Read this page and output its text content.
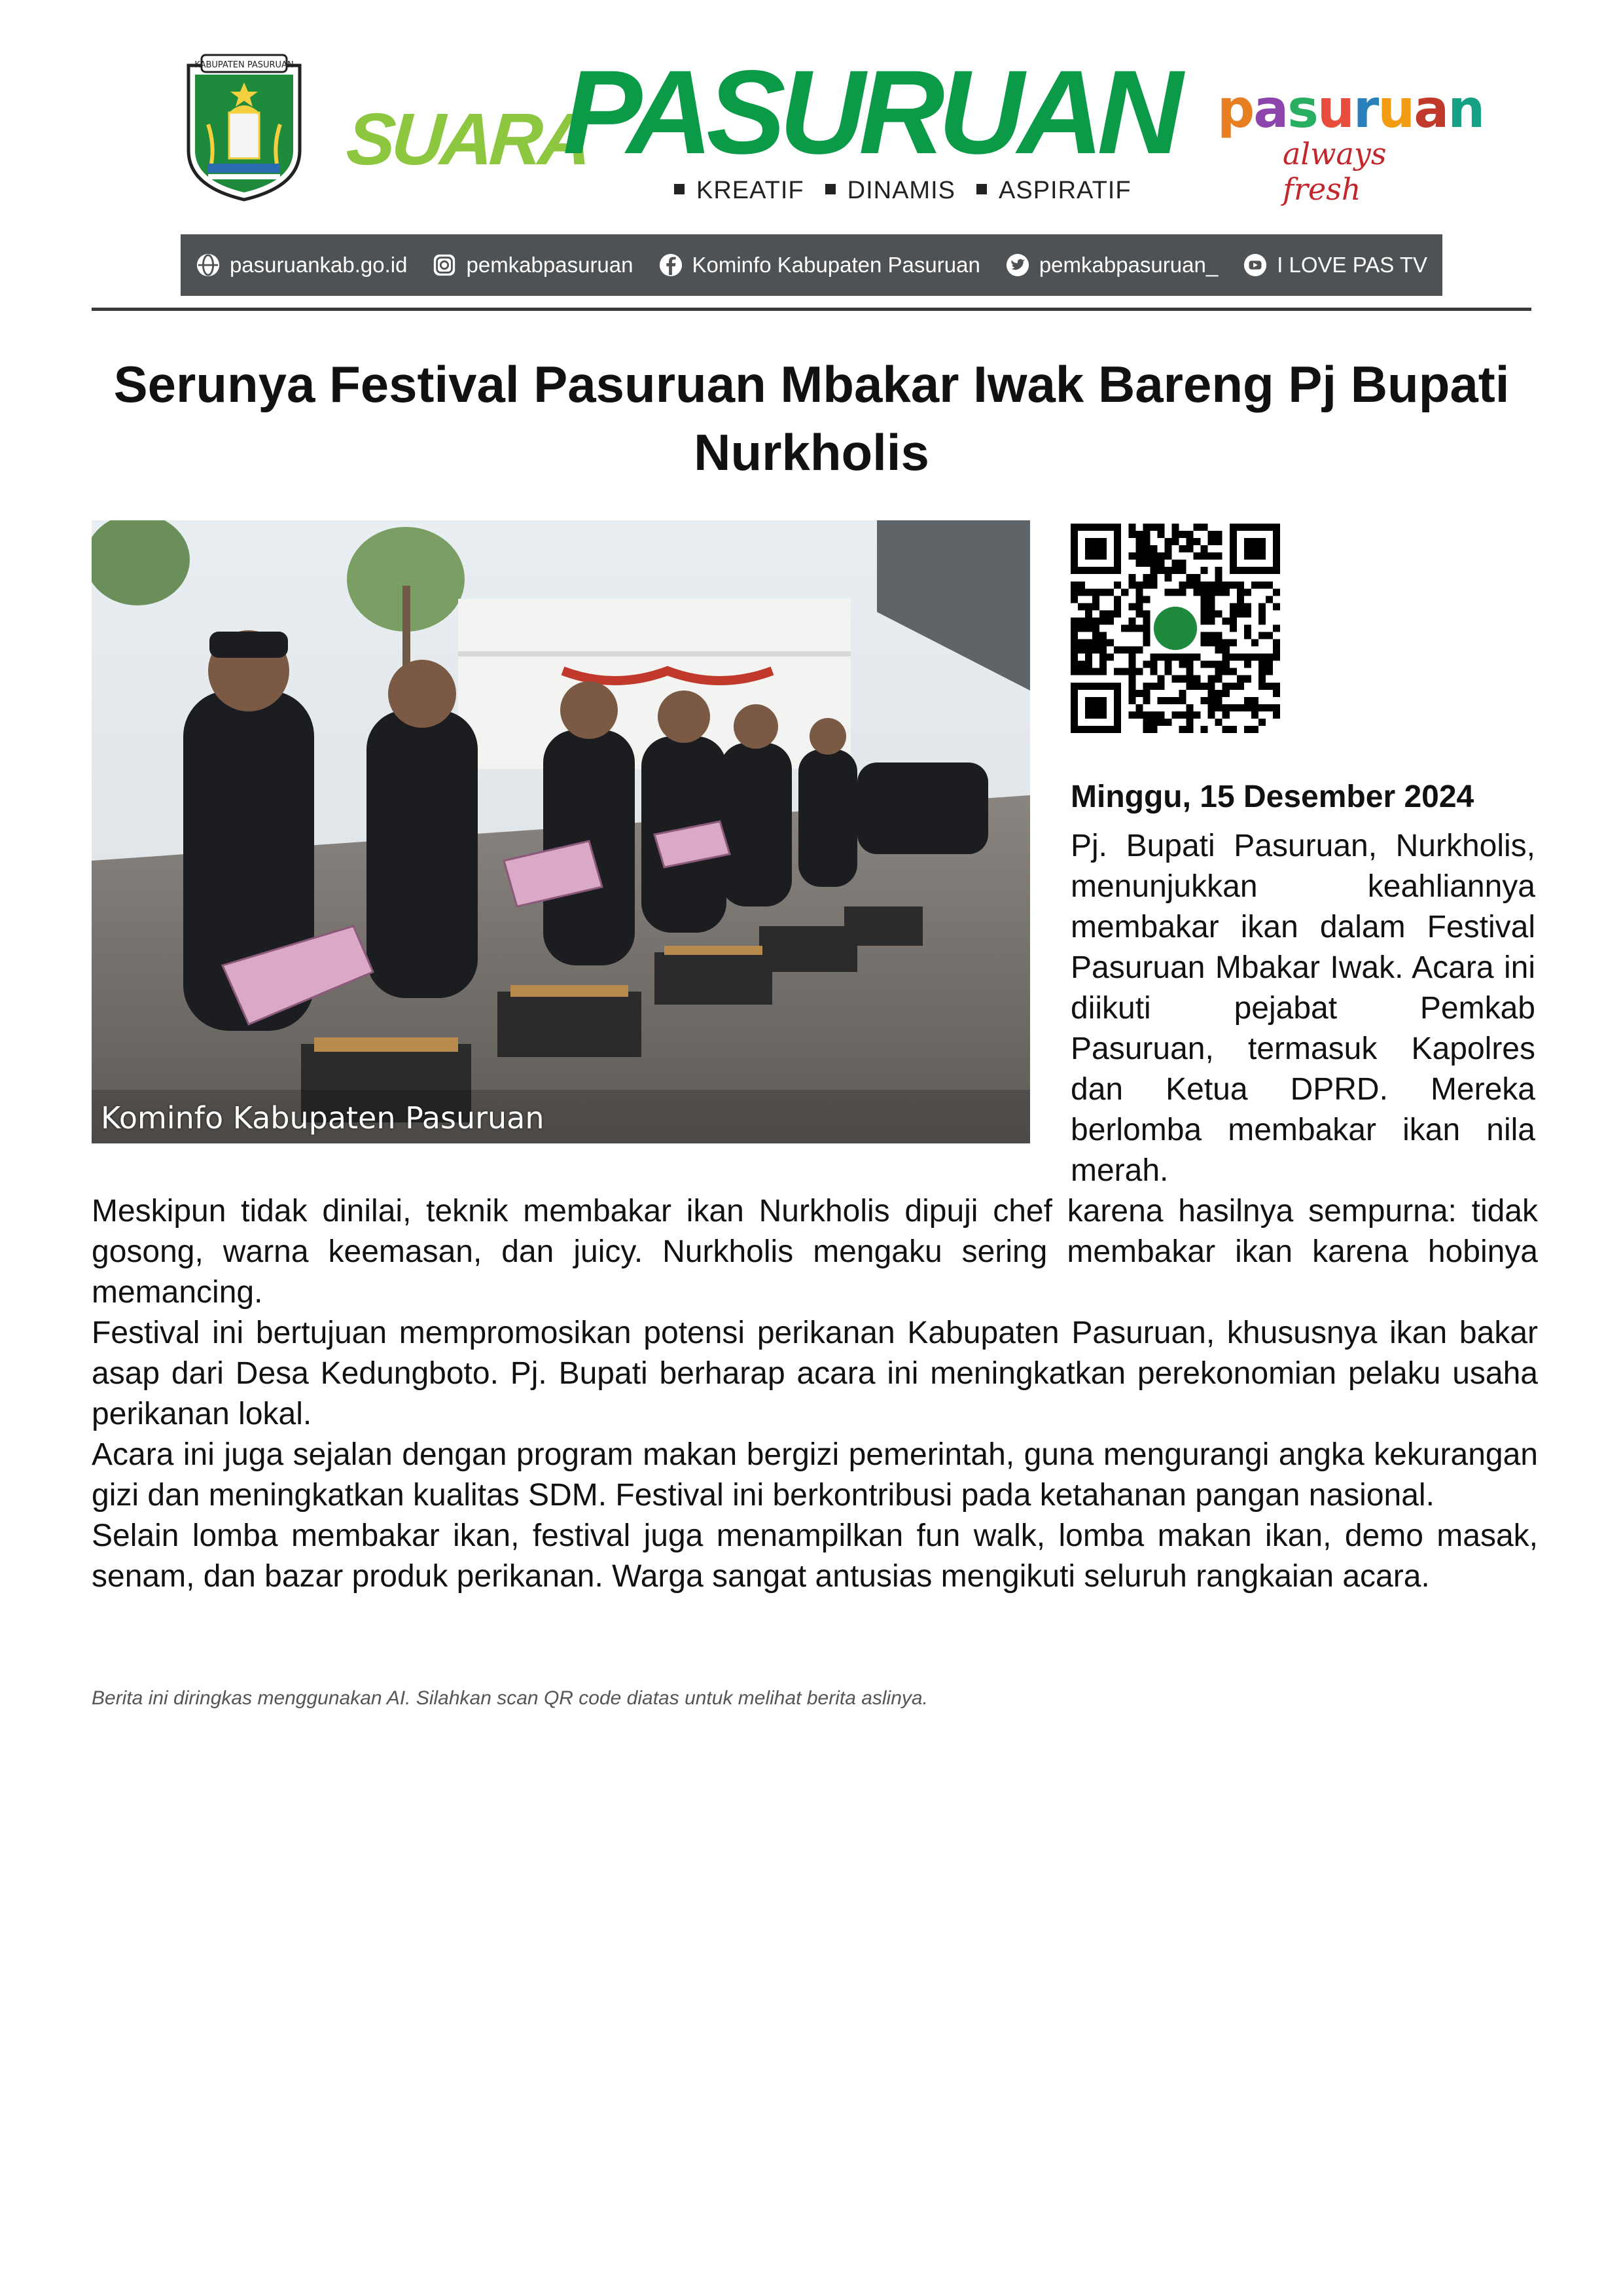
KABUPATEN PASURUAN
SUARA
PASURUAN
KREATIF	DINAMIS	ASPIRATIF
pasuruan
always fresh
pasuruankab.go.id	pemkabpasuruan	Kominfo Kabupaten Pasuruan	pemkabpasuruan_	I LOVE PAS TV
Serunya Festival Pasuruan Mbakar Iwak Bareng Pj Bupati Nurkholis
Kominfo Kabupaten Pasuruan
Minggu, 15 Desember 2024
Pj. Bupati Pasuruan, Nurkholis, menunjukkan keahliannya membakar ikan dalam Festival Pasuruan Mbakar Iwak. Acara ini diikuti pejabat Pemkab Pasuruan, termasuk Kapolres dan Ketua DPRD. Mereka berlomba membakar ikan nila merah.

Meskipun tidak dinilai, teknik membakar ikan Nurkholis dipuji chef karena hasilnya sempurna: tidak gosong, warna keemasan, dan juicy. Nurkholis mengaku sering membakar ikan karena hobinya memancing.

Festival ini bertujuan mempromosikan potensi perikanan Kabupaten Pasuruan, khususnya ikan bakar asap dari Desa Kedungboto. Pj. Bupati berharap acara ini meningkatkan perekonomian pelaku usaha perikanan lokal.

Acara ini juga sejalan dengan program makan bergizi pemerintah, guna mengurangi angka kekurangan gizi dan meningkatkan kualitas SDM. Festival ini berkontribusi pada ketahanan pangan nasional.

Selain lomba membakar ikan, festival juga menampilkan fun walk, lomba makan ikan, demo masak, senam, dan bazar produk perikanan. Warga sangat antusias mengikuti seluruh rangkaian acara.

Berita ini diringkas menggunakan AI. Silahkan scan QR code diatas untuk melihat berita aslinya.
